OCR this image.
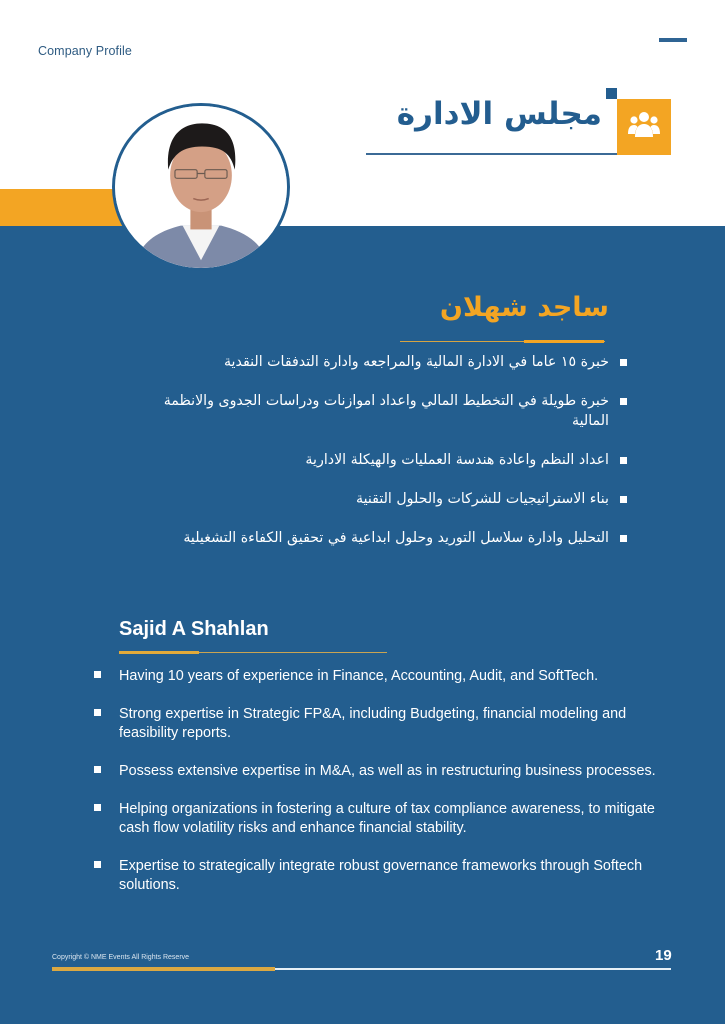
Company Profile
مجلس الادارة
ساجد شهلان
خبرة ١٥ عاما في الادارة المالية والمراجعه وادارة التدفقات النقدية
خبرة طويلة في التخطيط المالي واعداد اموازنات ودراسات الجدوى والانظمة المالية
اعداد النظم واعادة هندسة العمليات والهيكلة الادارية
بناء الاستراتيجيات للشركات والحلول التقنية
التحليل وادارة سلاسل التوريد وحلول ابداعية في تحقيق الكفاءة التشغيلية
Sajid A Shahlan
Having 10 years of experience in Finance, Accounting, Audit, and SoftTech.
Strong expertise in Strategic FP&A, including Budgeting, financial modeling and feasibility reports.
Possess extensive expertise in M&A, as well as in restructuring business processes.
Helping organizations in fostering a culture of tax compliance awareness, to mitigate cash flow volatility risks and enhance financial stability.
Expertise to strategically integrate robust governance frameworks through Softech solutions.
Copyright © NME Events All Rights Reserve	19
